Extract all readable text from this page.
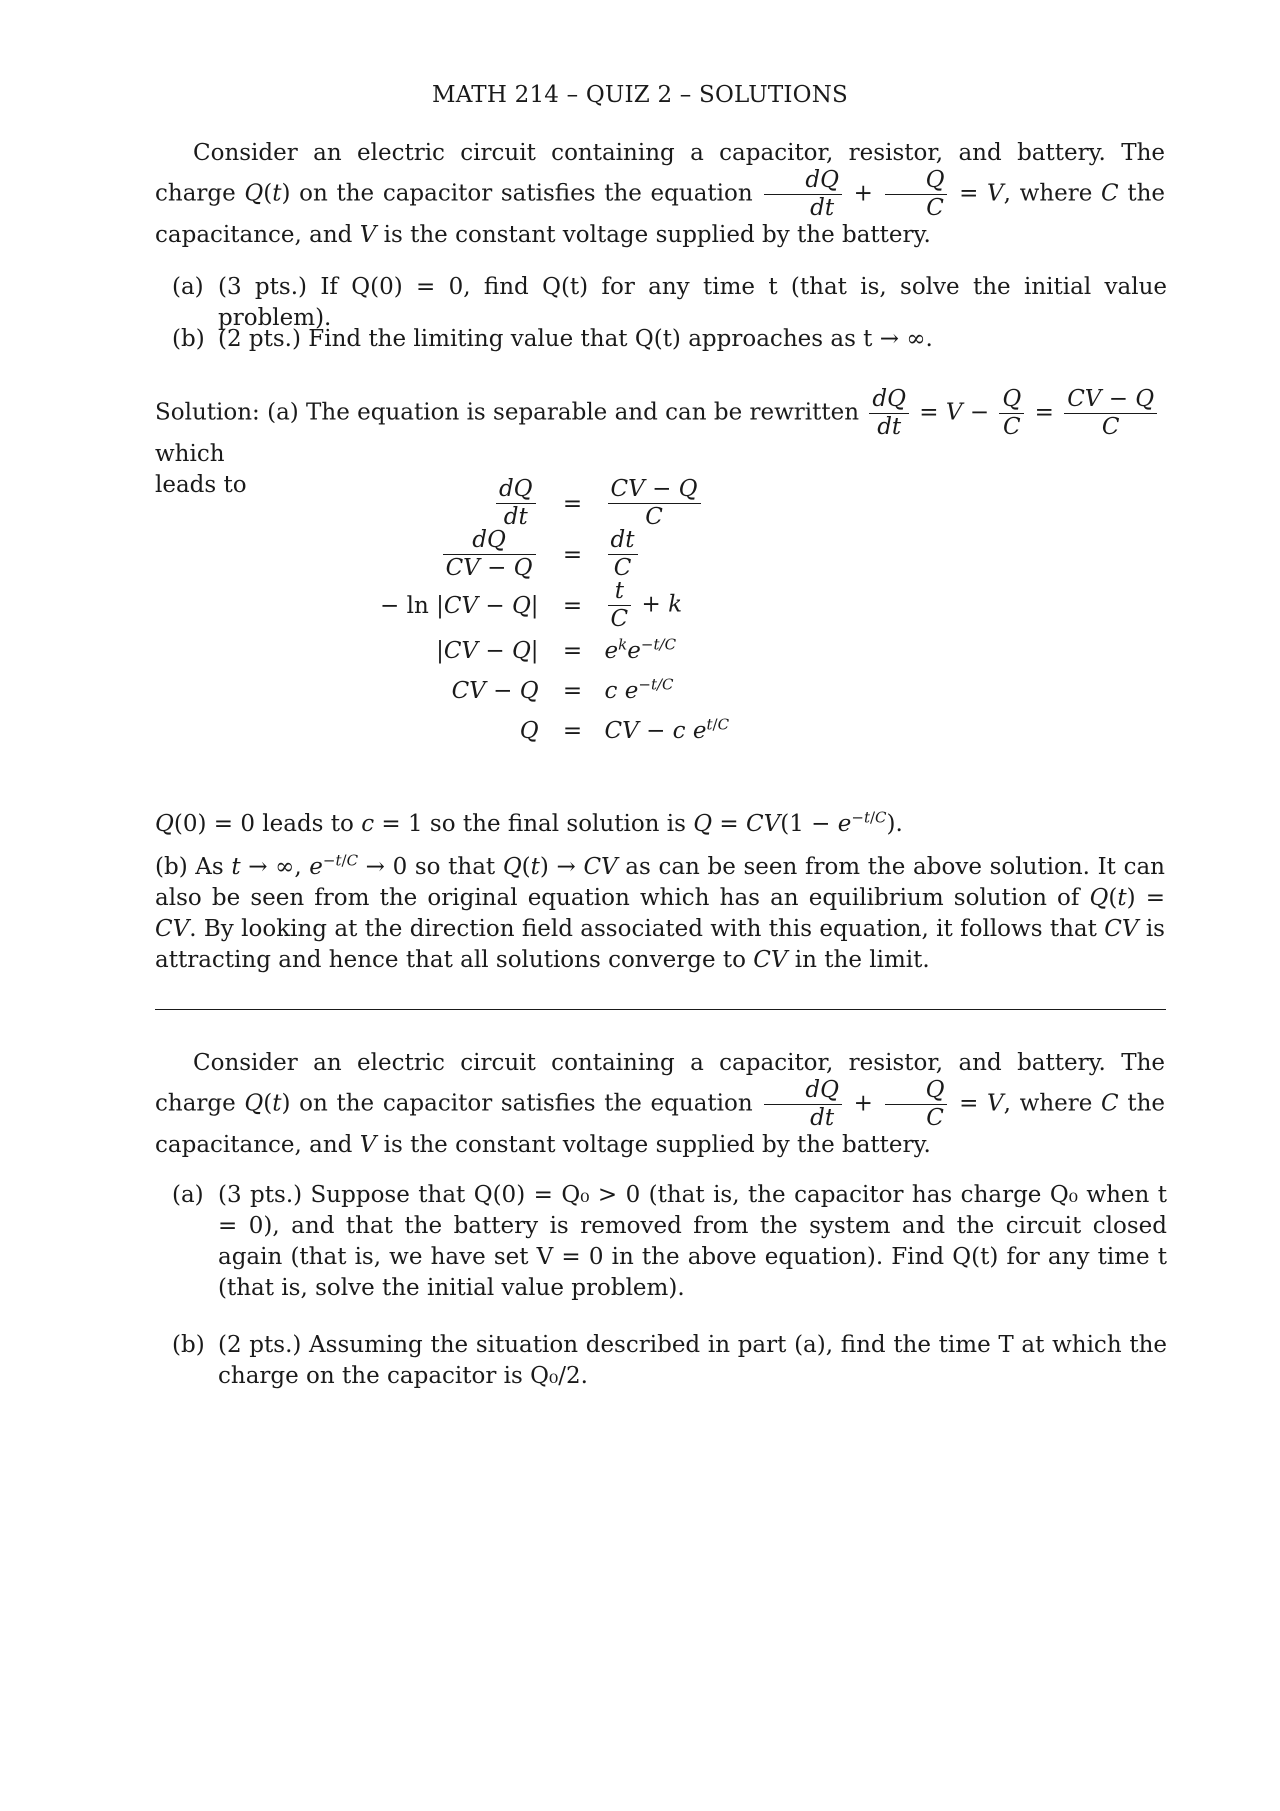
MATH 214 – QUIZ 2 – SOLUTIONS
Consider an electric circuit containing a capacitor, resistor, and battery. The charge Q(t) on the capacitor satisfies the equation $\frac{dQ}{dt} + \frac{Q}{C} = V$, where C the capacitance, and V is the constant voltage supplied by the battery.
(a) (3 pts.) If Q(0) = 0, find Q(t) for any time t (that is, solve the initial value problem).
(b) (2 pts.) Find the limiting value that Q(t) approaches as t → ∞.
Solution: (a) The equation is separable and can be rewritten $\frac{dQ}{dt} = V - \frac{Q}{C} = \frac{CV - Q}{C}$
which
leads to	$\frac{dQ}{dt}$	=	$\frac{CV - Q}{C}$

$\frac{dQ}{CV - Q}$	=	$\frac{dt}{C}$

− ln |CV − Q|	=	$\frac{t}{C} + k$
|CV − Q|	=	$e^ke^{-t/C}$
CV − Q	=	c $e^{-t/C}$
Q	=	CV − c $e^{t/C}$
Q(0) = 0 leads to c = 1 so the final solution is $Q = CV(1 - e^{-t/C})$.
(b) As t → ∞, $e^{-t/C} \to 0$ so that Q(t) → CV as can be seen from the above solution. It can also be seen from the original equation which has an equilibrium solution of Q(t) = CV. By looking at the direction field associated with this equation, it follows that CV is attracting and hence that all solutions converge to CV in the limit.
Consider an electric circuit containing a capacitor, resistor, and battery. The charge Q(t) on the capacitor satisfies the equation $\frac{dQ}{dt} + \frac{Q}{C} = V$, where C the capacitance, and V is the constant voltage supplied by the battery.
(a) (3 pts.) Suppose that Q(0) = Q₀ > 0 (that is, the capacitor has charge Q₀ when t = 0), and that the battery is removed from the system and the circuit closed again (that is, we have set V = 0 in the above equation). Find Q(t) for any time t (that is, solve the initial value problem).
(b) (2 pts.) Assuming the situation described in part (a), find the time T at which the charge on the capacitor is Q₀/2.
